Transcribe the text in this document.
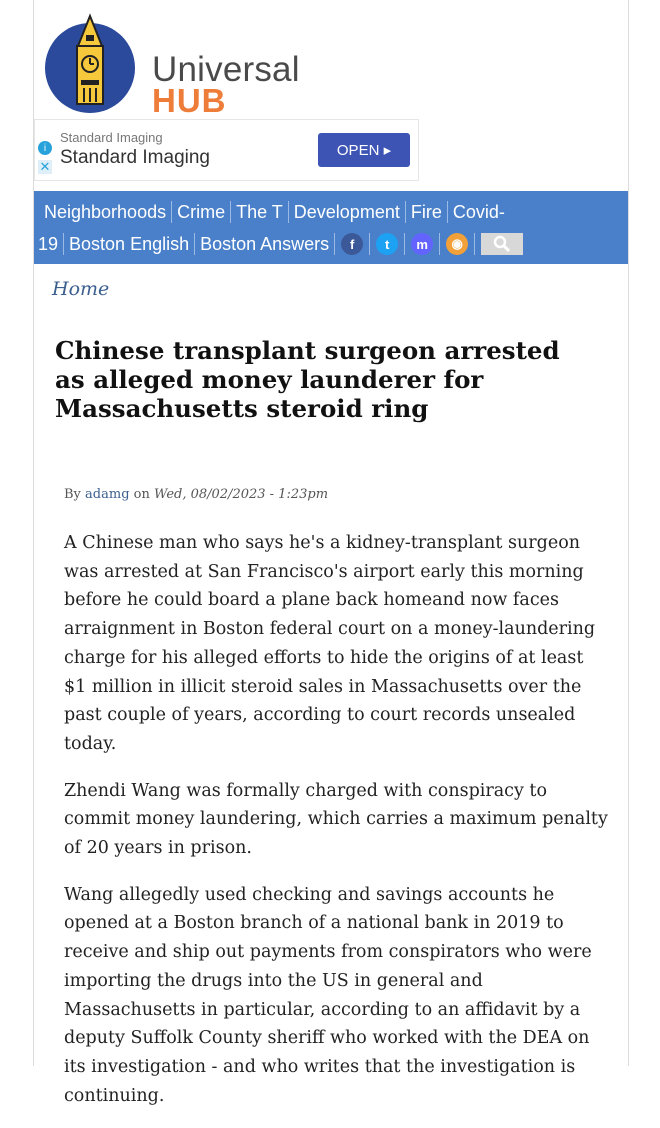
Universal
HUB
i
✕
Standard Imaging
Standard Imaging	OPEN ▸
Neighborhoods Crime The T Development Fire Covid-
19 Boston English Boston Answers	f	t	m	◉
Home
Chinese transplant surgeon arrested as alleged money launderer for Massachusetts steroid ring
By adamg on Wed, 08/02/2023 - 1:23pm

A Chinese man who says he's a kidney-transplant surgeon was arrested at San Francisco's airport early this morning before he could board a plane back homeand now faces arraignment in Boston federal court on a money-laundering charge for his alleged efforts to hide the origins of at least $1 million in illicit steroid sales in Massachusetts over the past couple of years, according to court records unsealed today.

Zhendi Wang was formally charged with conspiracy to commit money laundering, which carries a maximum penalty of 20 years in prison.

Wang allegedly used checking and savings accounts he opened at a Boston branch of a national bank in 2019 to receive and ship out payments from conspirators who were importing the drugs into the US in general and Massachusetts in particular, according to an affidavit by a deputy Suffolk County sheriff who worked with the DEA on its investigation - and who writes that the investigation is continuing.
